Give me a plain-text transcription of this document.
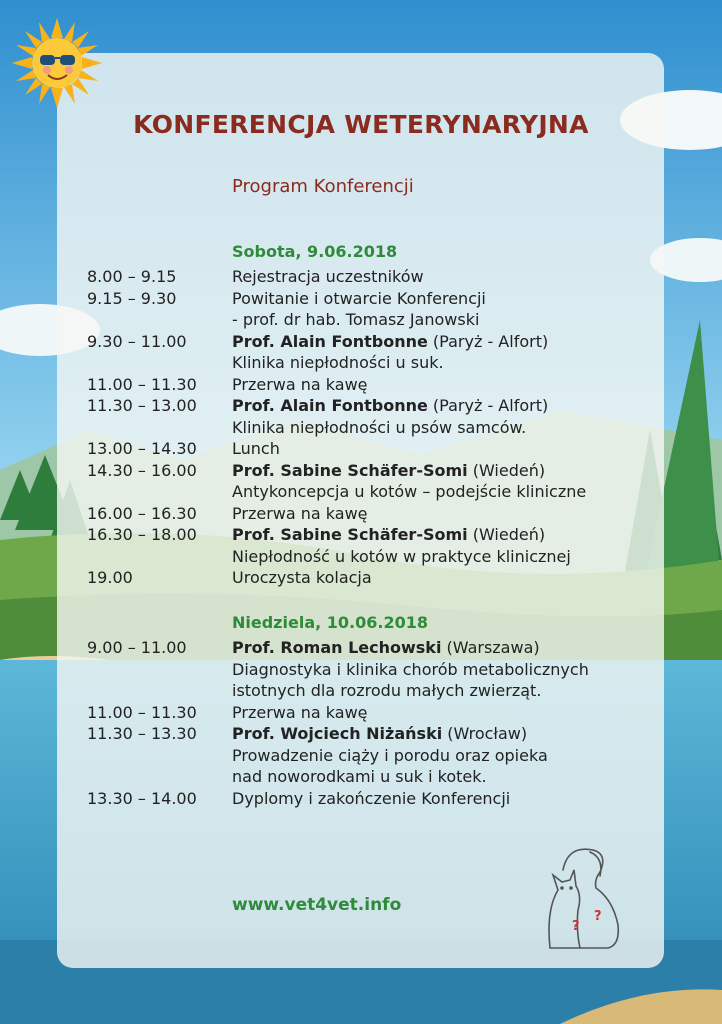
KONFERENCJA WETERYNARYJNA
Program Konferencji
Sobota, 9.06.2018
8.00 – 9.15	Rejestracja uczestników
9.15 – 9.30	Powitanie i otwarcie Konferencji
- prof. dr hab. Tomasz Janowski
9.30 – 11.00	Prof. Alain Fontbonne (Paryż - Alfort)
Klinika niepłodności u suk.
11.00 – 11.30 Przerwa na kawę
11.30 – 13.00 Prof. Alain Fontbonne (Paryż - Alfort)
Klinika niepłodności u psów samców.
13.00 – 14.30 Lunch
14.30 – 16.00 Prof. Sabine Schäfer-Somi (Wiedeń)
Antykoncepcja u kotów – podejście kliniczne
16.00 – 16.30 Przerwa na kawę
16.30 – 18.00 Prof. Sabine Schäfer-Somi (Wiedeń)
Niepłodność u kotów w praktyce klinicznej
19.00	Uroczysta kolacja
Niedziela, 10.06.2018
9.00 – 11.00	Prof. Roman Lechowski (Warszawa)
Diagnostyka i klinika chorób metabolicznych
istotnych dla rozrodu małych zwierząt.
11.00 – 11.30 Przerwa na kawę
11.30 – 13.30 Prof. Wojciech Niżański (Wrocław)
Prowadzenie ciąży i porodu oraz opieka
nad noworodkami u suk i kotek.
13.30 – 14.00 Dyplomy i zakończenie Konferencji
www.vet4vet.info
?
?
